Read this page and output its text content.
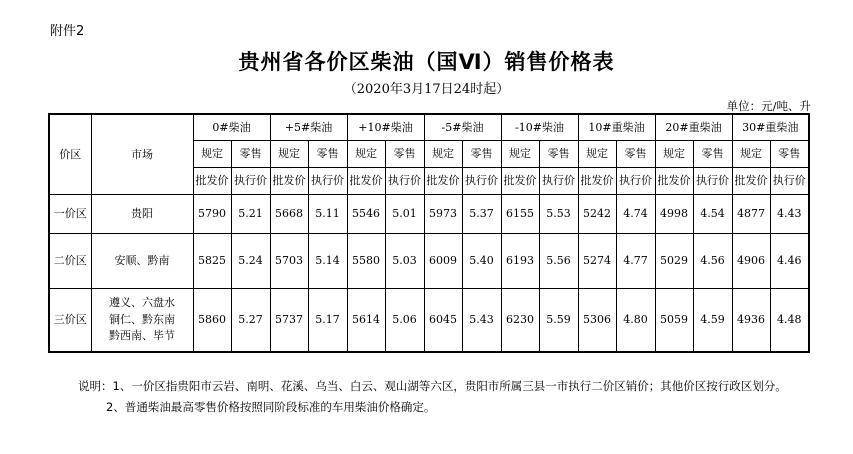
附件2
贵州省各价区柴油（国Ⅵ）销售价格表
（2020年3月17日24时起）
单位：元/吨、升
价区	市场	0#柴油		+5#柴油		+10#柴油		-5#柴油		-10#柴油		10#重柴油		20#重柴油		30#重柴油	
		规定	零售	规定	零售	规定	零售	规定	零售	规定	零售	规定	零售	规定	零售	规定	零售
		批发价	执行价	批发价	执行价	批发价	执行价	批发价	执行价	批发价	执行价	批发价	执行价	批发价	执行价	批发价	执行价
一价区	贵阳	5790	5.21	5668	5.11	5546	5.01	5973	5.37	6155	5.53	5242	4.74	4998	4.54	4877	4.43
二价区	安顺、黔南	5825	5.24	5703	5.14	5580	5.03	6009	5.40	6193	5.56	5274	4.77	5029	4.56	4906	4.46
三价区	遵义、六盘水
铜仁、黔东南
黔西南、毕节	5860	5.27	5737	5.17	5614	5.06	6045	5.43	6230	5.59	5306	4.80	5059	4.59	4936	4.48
说明：1、一价区指贵阳市云岩、南明、花溪、乌当、白云、观山湖等六区，贵阳市所属三县一市执行二价区销价；其他价区按行政区划分。
2、普通柴油最高零售价格按照同阶段标准的车用柴油价格确定。
